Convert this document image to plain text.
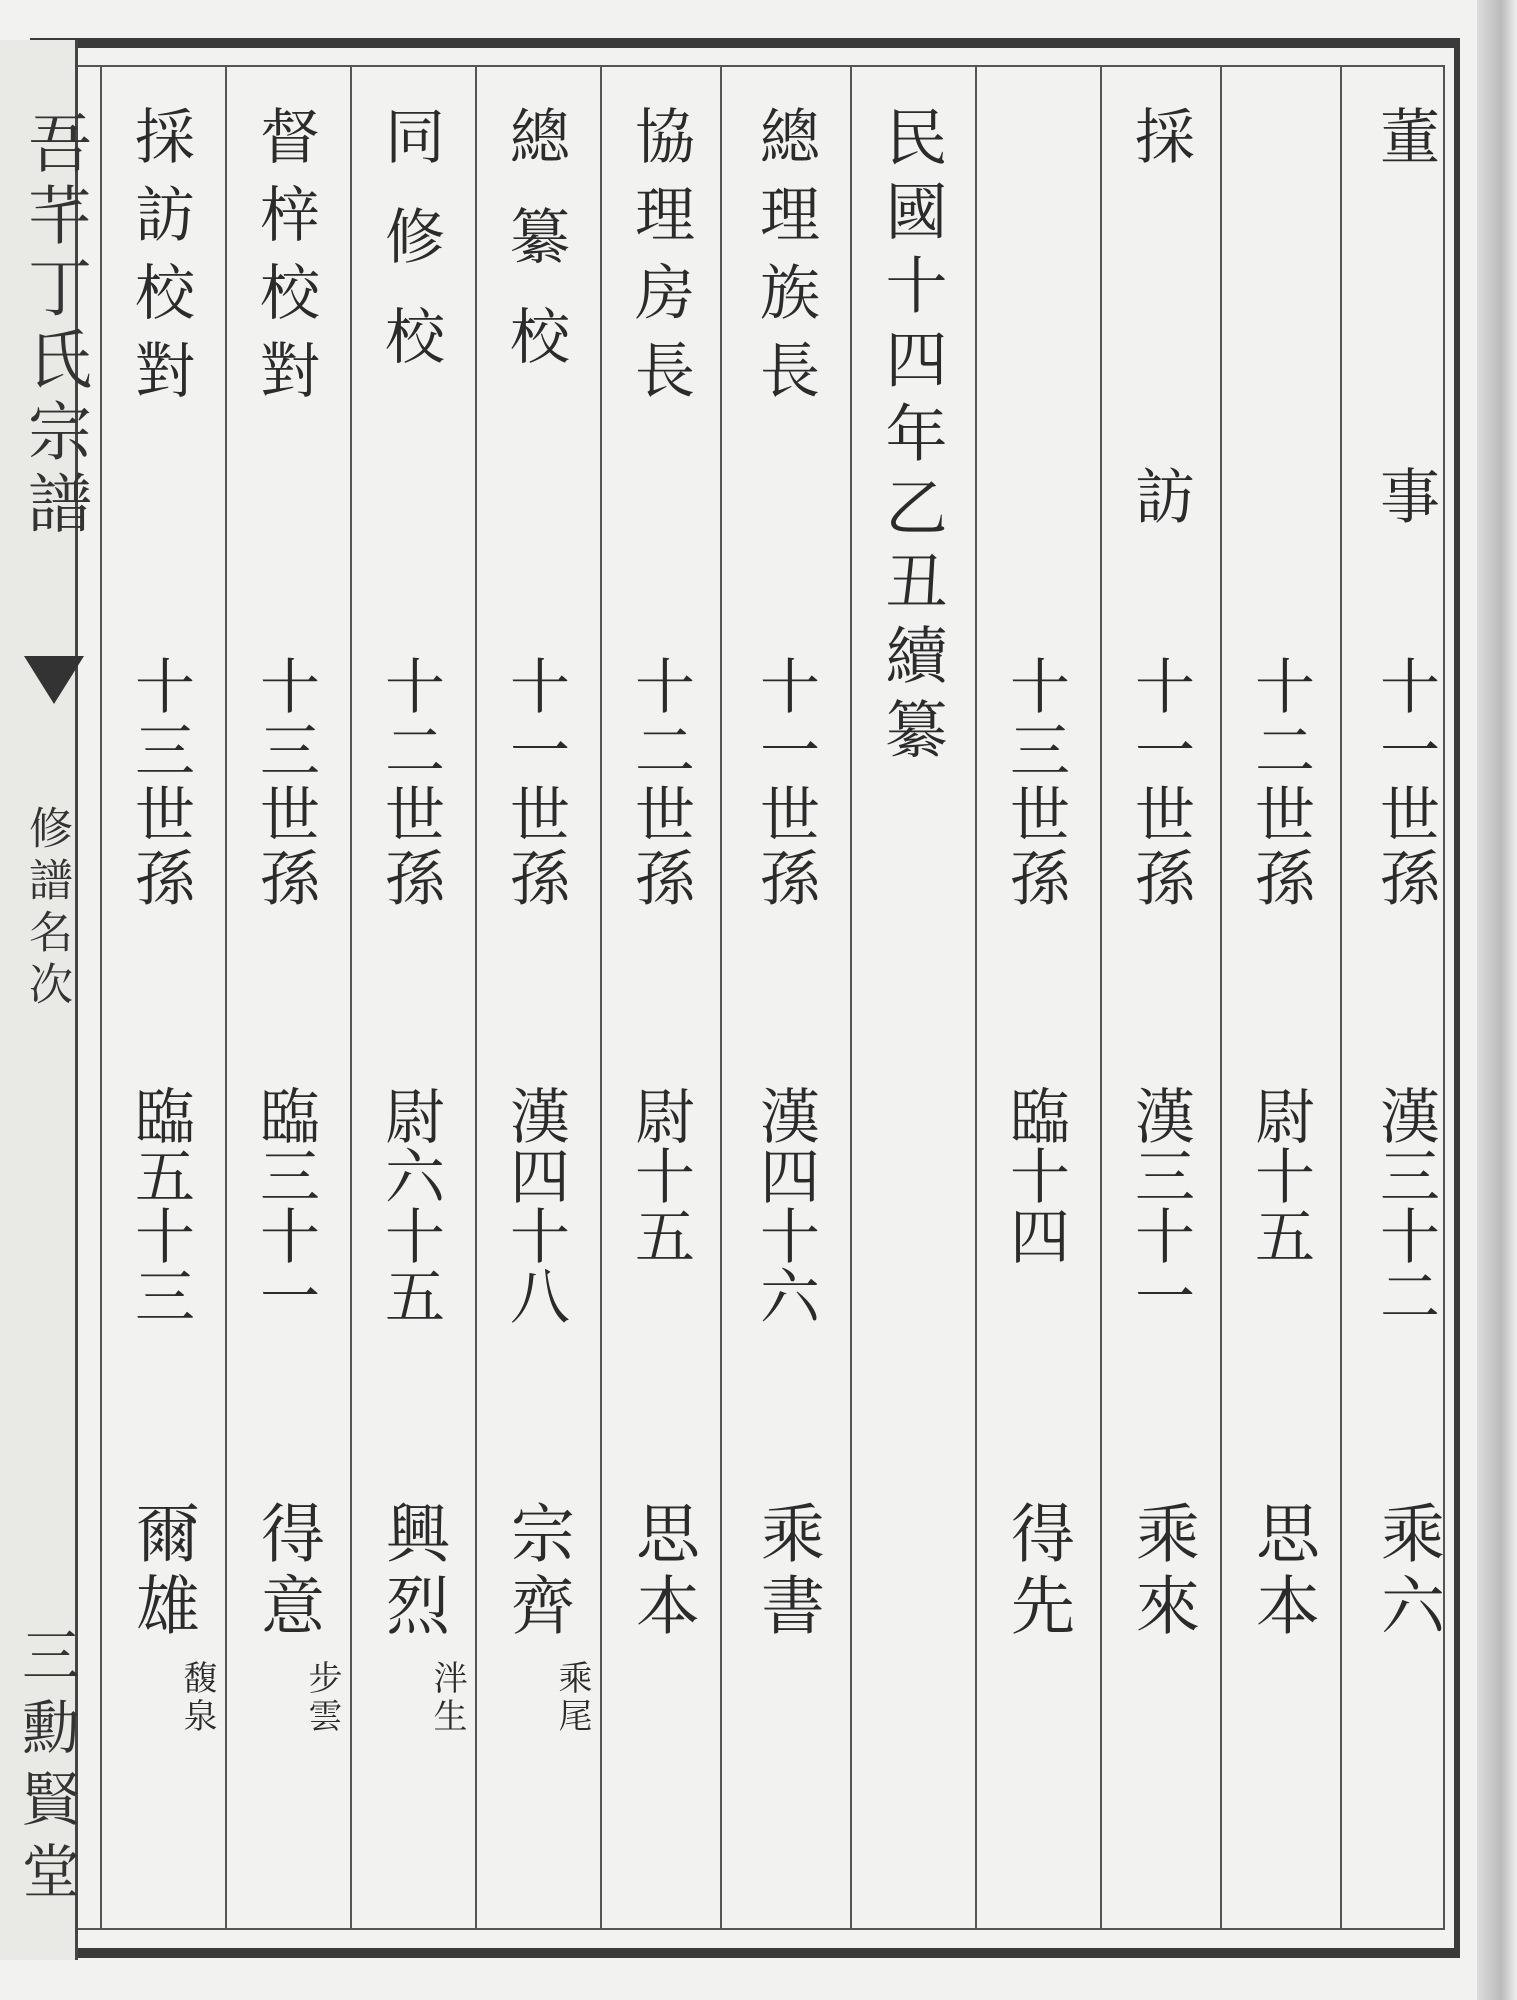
吾芊丁氏宗譜
修譜名次
三勳賢堂
董　事
十一世孫
漢三十二
乘六
十二世孫
尉十五
思本
採　訪
十一世孫
漢三十一
乘來
十三世孫
臨十四
得先
民國十四年乙丑續纂
總理族長
十一世孫
漢四十六
乘書
協理房長
十二世孫
尉十五
思本
總纂校
十一世孫
漢四十八
宗齊
乘尾
同修校
十二世孫
尉六十五
興烈
泮生
督梓校對
十三世孫
臨三十一
得意
步雲
採訪校對
十三世孫
臨五十三
爾雄
馥泉
